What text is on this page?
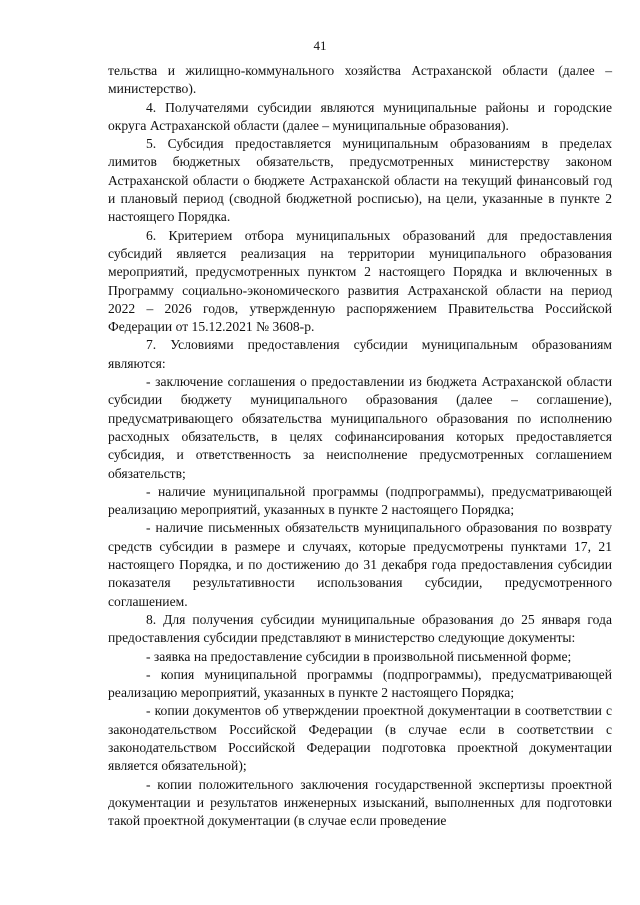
41

тельства и жилищно-коммунального хозяйства Астраханской области (далее – министерство).

4. Получателями субсидии являются муниципальные районы и городские округа Астраханской области (далее – муниципальные образования).

5. Субсидия предоставляется муниципальным образованиям в пределах лимитов бюджетных обязательств, предусмотренных министерству законом Астраханской области о бюджете Астраханской области на текущий финансовый год и плановый период (сводной бюджетной росписью), на цели, указанные в пункте 2 настоящего Порядка.

6. Критерием отбора муниципальных образований для предоставления субсидий является реализация на территории муниципального образования мероприятий, предусмотренных пунктом 2 настоящего Порядка и включенных в Программу социально-экономического развития Астраханской области на период 2022 – 2026 годов, утвержденную распоряжением Правительства Российской Федерации от 15.12.2021 № 3608-р.

7. Условиями предоставления субсидии муниципальным образованиям являются:

- заключение соглашения о предоставлении из бюджета Астраханской области субсидии бюджету муниципального образования (далее – соглашение), предусматривающего обязательства муниципального образования по исполнению расходных обязательств, в целях софинансирования которых предоставляется субсидия, и ответственность за неисполнение предусмотренных соглашением обязательств;

- наличие муниципальной программы (подпрограммы), предусматривающей реализацию мероприятий, указанных в пункте 2 настоящего Порядка;

- наличие письменных обязательств муниципального образования по возврату средств субсидии в размере и случаях, которые предусмотрены пунктами 17, 21 настоящего Порядка, и по достижению до 31 декабря года предоставления субсидии показателя результативности использования субсидии, предусмотренного соглашением.

8. Для получения субсидии муниципальные образования до 25 января года предоставления субсидии представляют в министерство следующие документы:

- заявка на предоставление субсидии в произвольной письменной форме;

- копия муниципальной программы (подпрограммы), предусматривающей реализацию мероприятий, указанных в пункте 2 настоящего Порядка;

- копии документов об утверждении проектной документации в соответствии с законодательством Российской Федерации (в случае если в соответствии с законодательством Российской Федерации подготовка проектной документации является обязательной);

- копии положительного заключения государственной экспертизы проектной документации и результатов инженерных изысканий, выполненных для подготовки такой проектной документации (в случае если проведение
